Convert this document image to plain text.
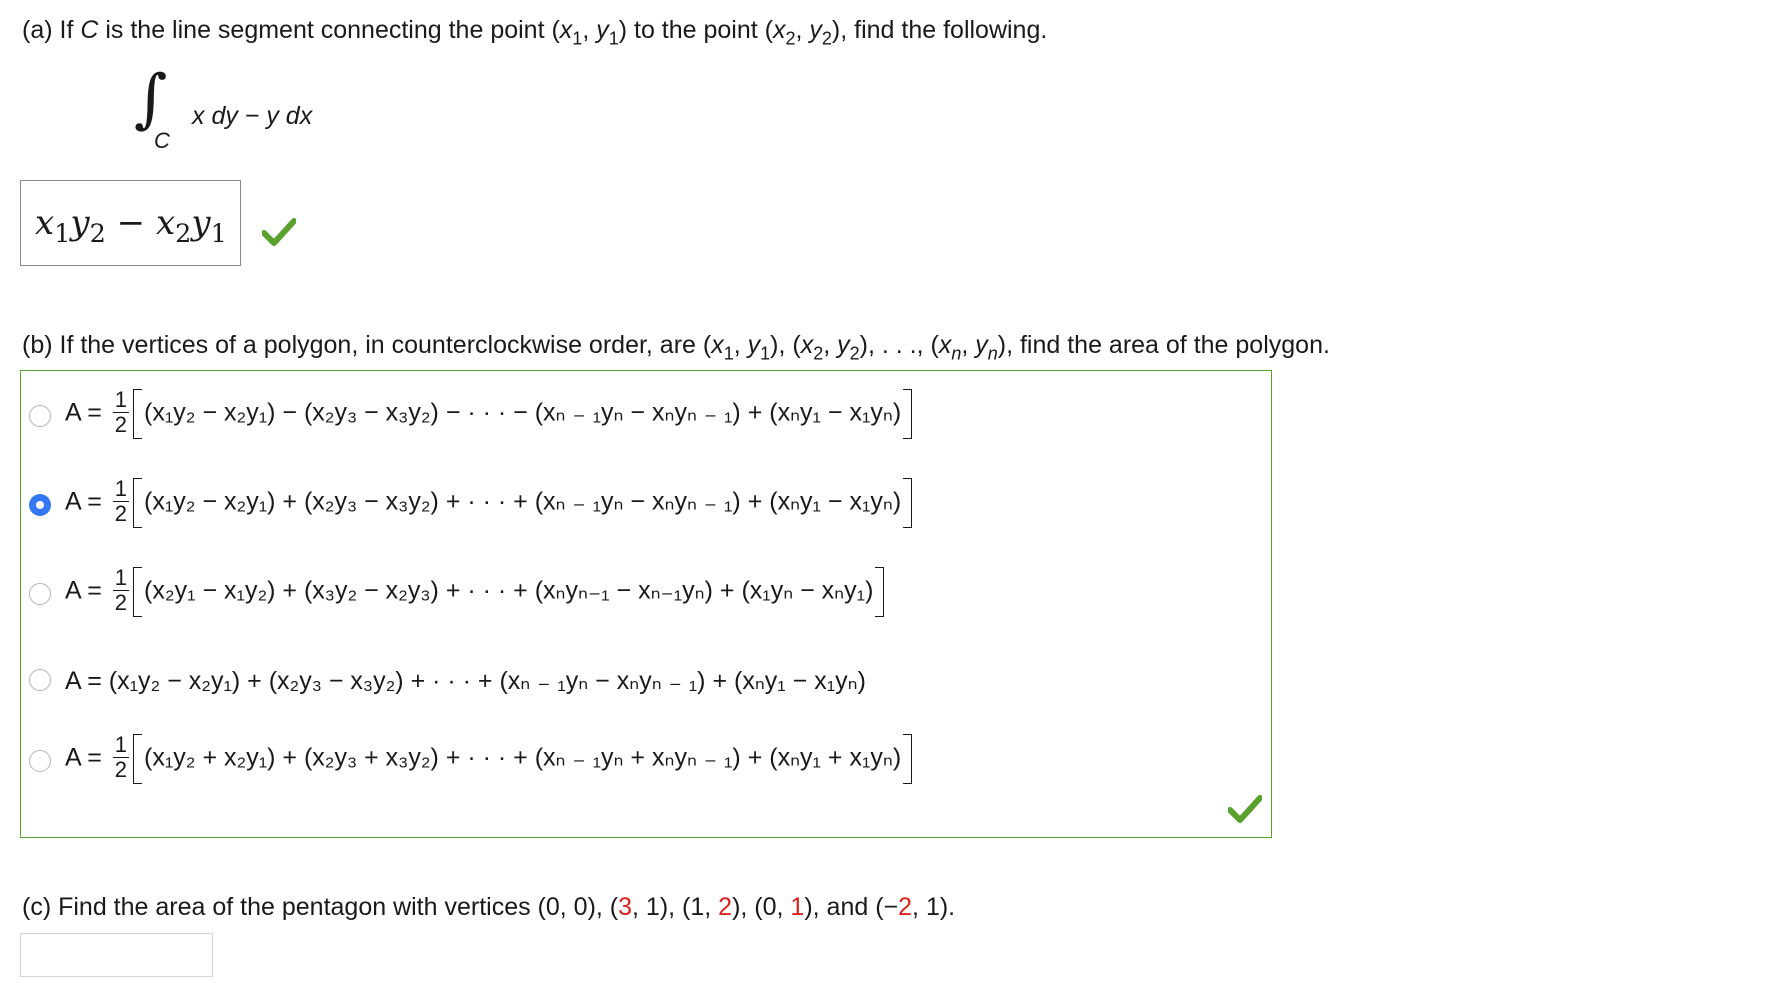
(a) If C is the line segment connecting the point ($x_1$, $y_1$) to the point ($x_2$, $y_2$), find the following.
∫
C
x dy − y dx
$x_1y_2 - x_2y_1$
(b) If the vertices of a polygon, in counterclockwise order, are ($x_1$, $y_1$), ($x_2$, $y_2$), . . ., ($x_n$, $y_n$), find the area of the polygon.
$A = \frac{1}{2} (x_1y_2 - x_2y_1) - (x_2y_3 - x_3y_2)$ − · · · − (xₙ ₋ ₁yₙ − xₙyₙ ₋ ₁) + (xₙy₁ − x₁yₙ)
$A = \frac{1}{2} (x_1y_2 - x_2y_1) + (x_2y_3 - x_3y_2)$ + · · · + (xₙ ₋ ₁yₙ − xₙyₙ ₋ ₁) + (xₙy₁ − x₁yₙ)
$A = \frac{1}{2} (x_2y_1 - x_1y_2) + (x_3y_2 - x_2y_3)$ + · · · + (xₙyₙ₋₁ − xₙ₋₁yₙ) + (x₁yₙ − xₙy₁)
A = (x₁y₂ − x₂y₁) + (x₂y₃ − x₃y₂) + · · · + (xₙ ₋ ₁yₙ − xₙyₙ ₋ ₁) + (xₙy₁ − x₁yₙ)
$A = \frac{1}{2} (x_1y_2 + x_2y_1) + (x_2y_3 + x_3y_2)$ + · · · + (xₙ ₋ ₁yₙ + xₙyₙ ₋ ₁) + (xₙy₁ + x₁yₙ)
(c) Find the area of the pentagon with vertices (0, 0), (3, 1), (1, 2), (0, 1), and (−2, 1).
